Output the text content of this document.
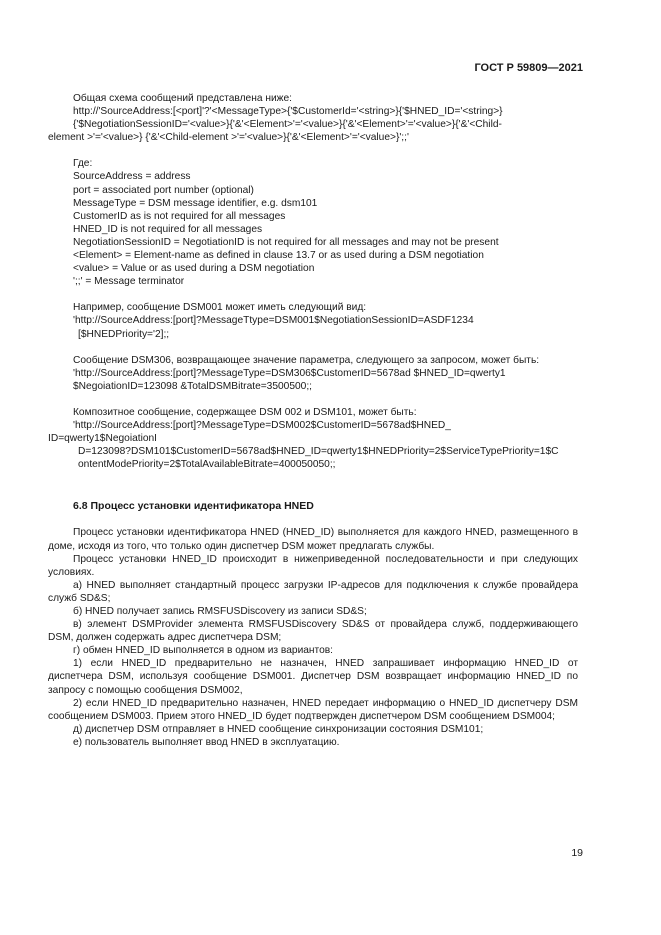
ГОСТ Р 59809—2021
Общая схема сообщений представлена ниже:
http://'SourceAddress:[<port]'?'<MessageType>{'$CustomerId='<string>}{'$HNED_ID='<string>}
{'$NegotiationSessionID='<value>}{'&'<Element>'='<value>}{'&'<Element>'='<value>}{'&'<Child-
element >'='<value>} {'&'<Child-element >'='<value>}{'&'<Element>'='<value>}';;'
Где:
SourceAddress = address
port = associated port number (optional)
MessageType = DSM message identifier, e.g. dsm101
CustomerID as is not required for all messages
HNED_ID is not required for all messages
NegotiationSessionID = NegotiationID is not required for all messages and may not be present
<Element> = Element-name as defined in clause 13.7 or as used during a DSM negotiation
<value> = Value or as used during a DSM negotiation
';;' = Message terminator
Например, сообщение DSM001 может иметь следующий вид:
'http://SourceAddress:[port]?MessageTtype=DSM001$NegotiationSessionID=ASDF1234
[$HNEDPriority='2];;
Сообщение DSM306, возвращающее значение параметра, следующего за запросом, может быть:
'http://SourceAddress:[port]?MessageType=DSM306$CustomerID=5678ad $HNED_ID=qwerty1
$NegoiationID=123098 &TotalDSMBitrate=3500500;;
Композитное сообщение, содержащее DSM 002 и DSM101, может быть:
'http://SourceAddress:[port]?MessageType=DSM002$CustomerID=5678ad$HNED_
ID=qwerty1$NegoiationI
D=123098?DSM101$CustomerID=5678ad$HNED_ID=qwerty1$HNEDPriority=2$ServiceTypePriority=1$C
ontentModePriority=2$TotalAvailableBitrate=400050050;;
6.8 Процесс установки идентификатора HNED
Процесс установки идентификатора HNED (HNED_ID) выполняется для каждого HNED, размещенного в доме, исходя из того, что только один диспетчер DSM может предлагать службы.
Процесс установки HNED_ID происходит в нижеприведенной последовательности и при следующих условиях.
а) HNED выполняет стандартный процесс загрузки IP-адресов для подключения к службе провайдера служб SD&S;
б) HNED получает запись RMSFUSDiscovery из записи SD&S;
в) элемент DSMProvider элемента RMSFUSDiscovery SD&S от провайдера служб, поддерживающего DSM, должен содержать адрес диспетчера DSM;
г) обмен HNED_ID выполняется в одном из вариантов:
1) если HNED_ID предварительно не назначен, HNED запрашивает информацию HNED_ID от диспетчера DSM, используя сообщение DSM001. Диспетчер DSM возвращает информацию HNED_ID по запросу с помощью сообщения DSM002,
2) если HNED_ID предварительно назначен, HNED передает информацию о HNED_ID диспетчеру DSM сообщением DSM003. Прием этого HNED_ID будет подтвержден диспетчером DSM сообщением DSM004;
д) диспетчер DSM отправляет в HNED сообщение синхронизации состояния DSM101;
е) пользователь выполняет ввод HNED в эксплуатацию.
19
